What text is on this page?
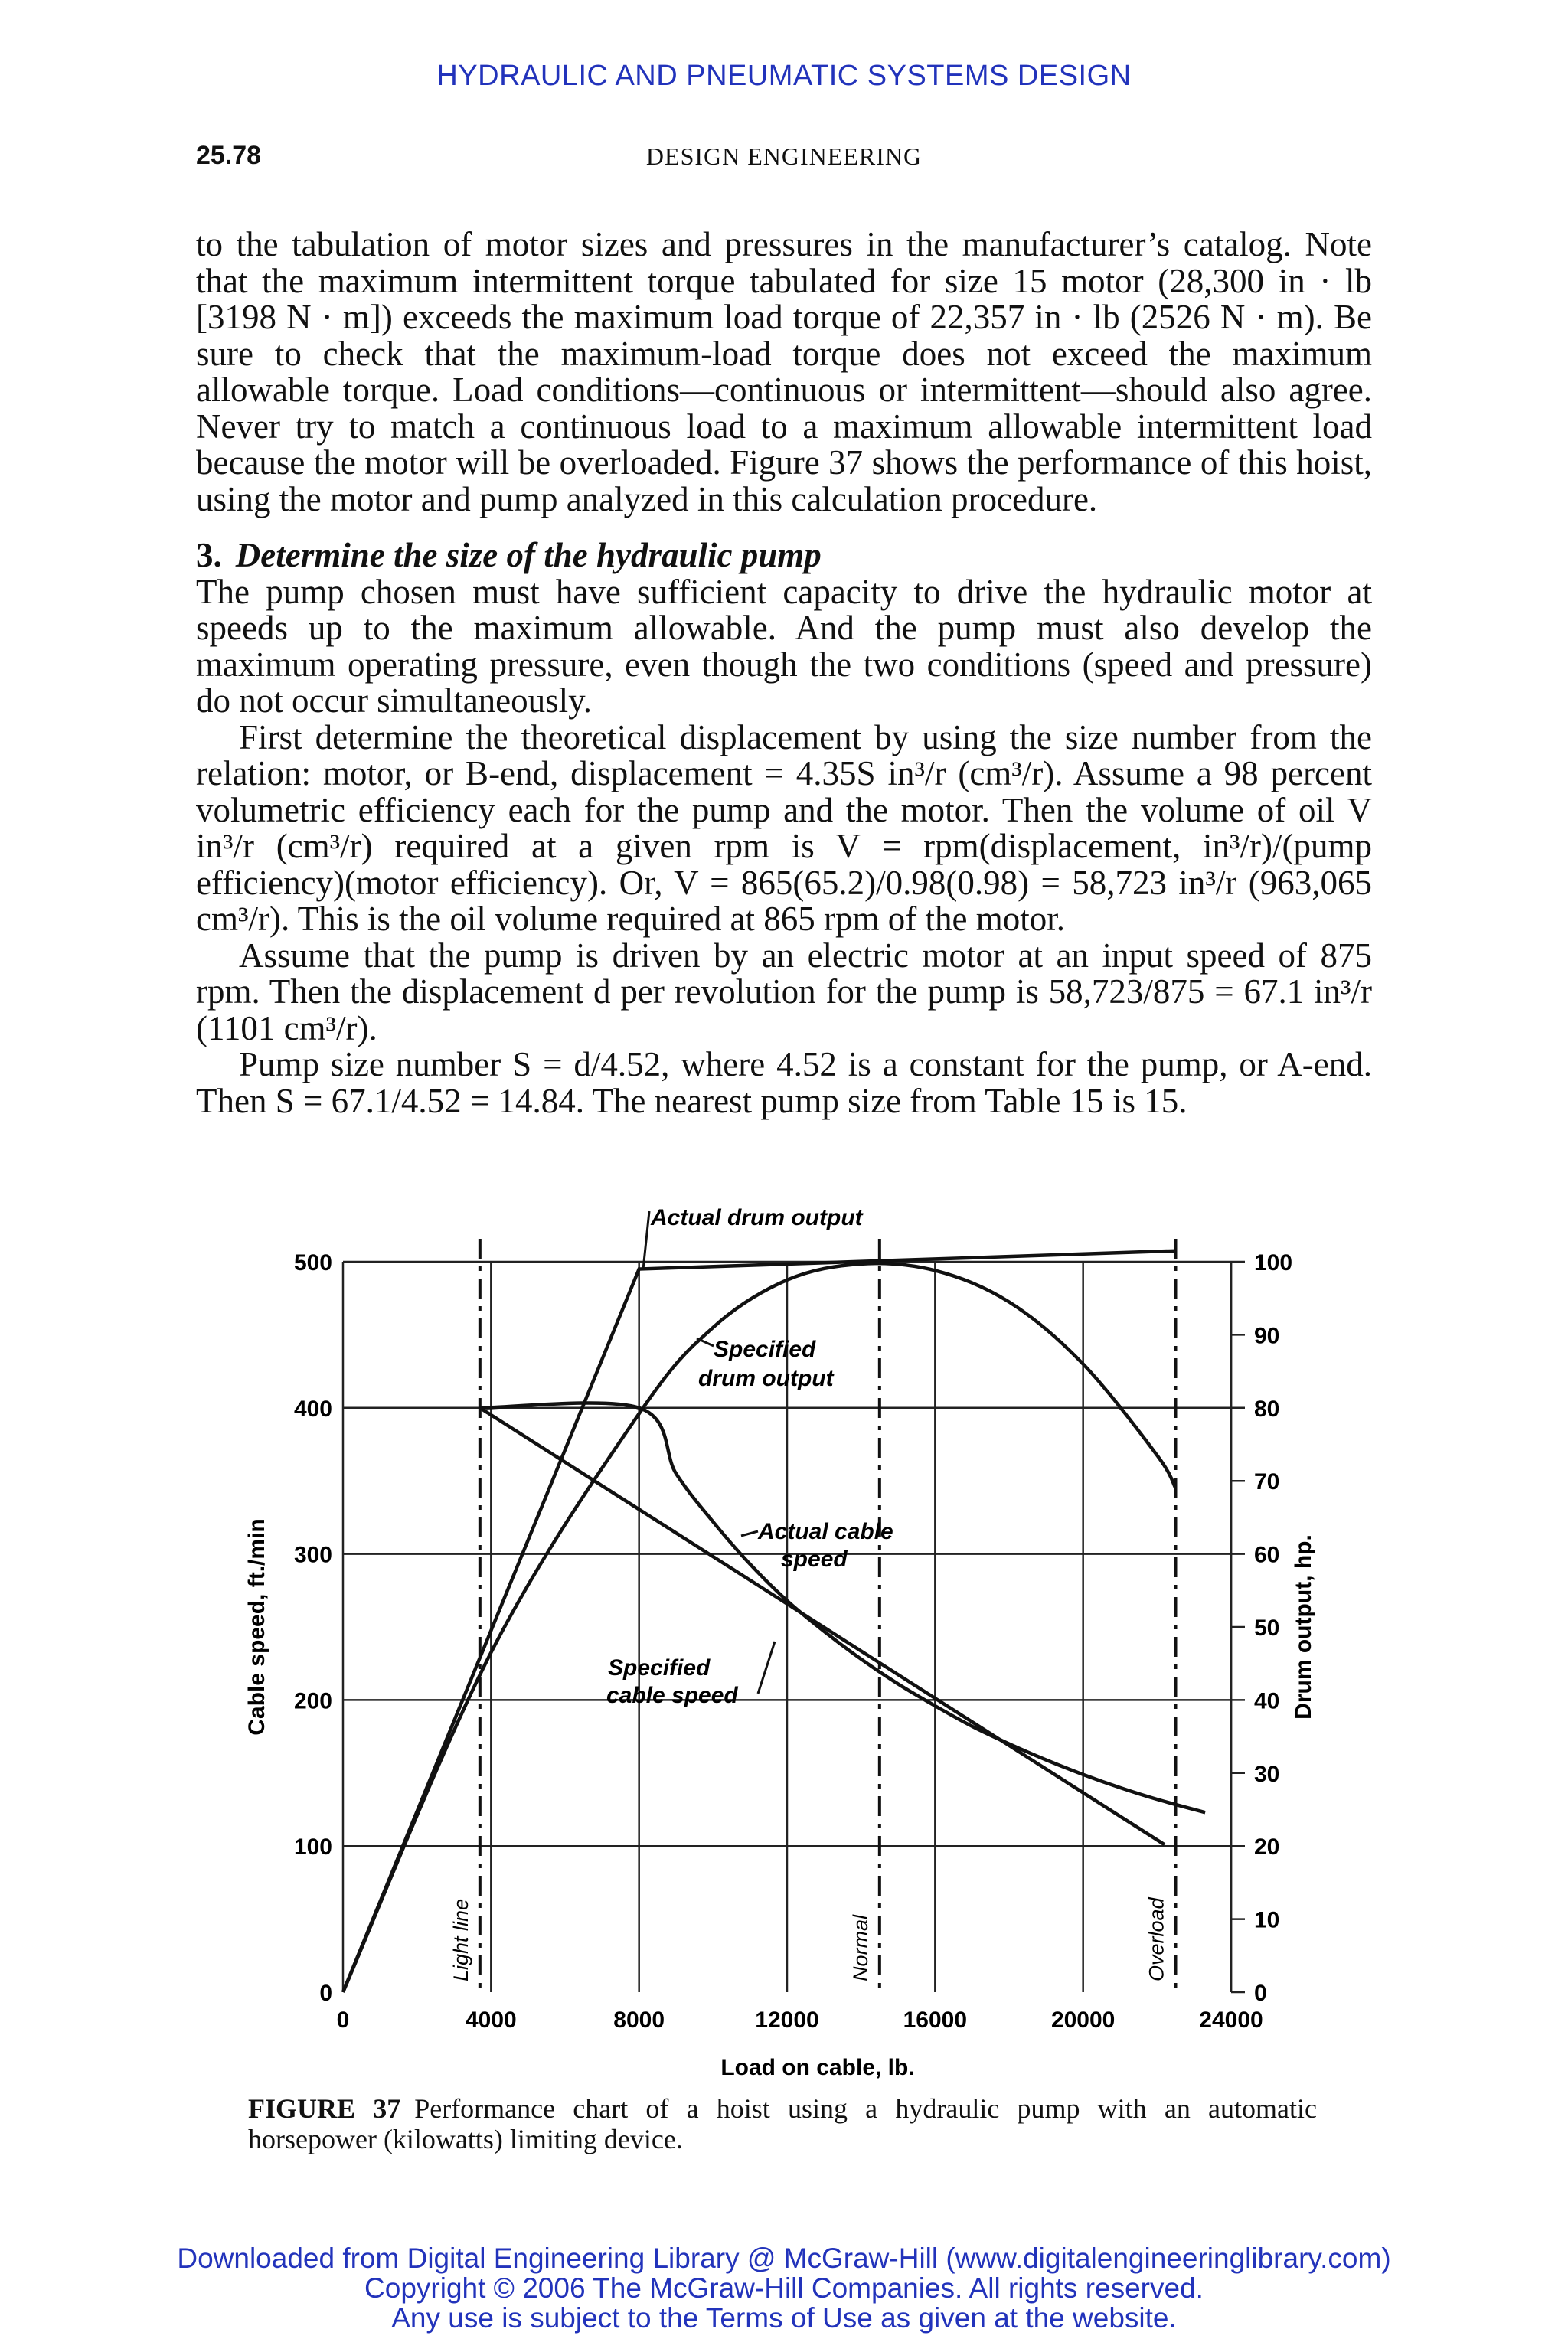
HYDRAULIC AND PNEUMATIC SYSTEMS DESIGN
25.78	DESIGN ENGINEERING

to the tabulation of motor sizes and pressures in the manufacturer’s catalog. Note that the maximum intermittent torque tabulated for size 15 motor (28,300 in · lb [3198 N · m]) exceeds the maximum load torque of 22,357 in · lb (2526 N · m). Be sure to check that the maximum-load torque does not exceed the maximum allowable torque. Load conditions—continuous or intermittent—should also agree. Never try to match a continuous load to a maximum allowable intermittent load because the motor will be overloaded. Figure 37 shows the performance of this hoist, using the motor and pump analyzed in this calculation procedure.

3. Determine the size of the hydraulic pump

The pump chosen must have sufficient capacity to drive the hydraulic motor at speeds up to the maximum allowable. And the pump must also develop the maximum operating pressure, even though the two conditions (speed and pressure) do not occur simultaneously.

First determine the theoretical displacement by using the size number from the relation: motor, or B-end, displacement = 4.35S in³/r (cm³/r). Assume a 98 percent volumetric efficiency each for the pump and the motor. Then the volume of oil V in³/r (cm³/r) required at a given rpm is V = rpm(displacement, in³/r)/(pump efficiency)(motor efficiency). Or, V = 865(65.2)/0.98(0.98) = 58,723 in³/r (963,065 cm³/r). This is the oil volume required at 865 rpm of the motor.

Assume that the pump is driven by an electric motor at an input speed of 875 rpm. Then the displacement d per revolution for the pump is 58,723/875 = 67.1 in³/r (1101 cm³/r).

Pump size number S = d/4.52, where 4.52 is a constant for the pump, or A-end. Then S = 67.1/4.52 = 14.84. The nearest pump size from Table 15 is 15.

Light line	Normal	Overload
0	4000	8000	12000	16000	20000	24000
0
100
200
300
400
500
0
10
20
30
40
50
60
70
80
90
100
Load on cable, lb.
Cable speed, ft./min	Drum output, hp.
Actual drum output
Specified
drum output
Actual cable
speed
Specified
cable speed
FIGURE 37 Performance chart of a hoist using a hydraulic pump with an automatic horsepower (kilowatts) limiting device.
Downloaded from Digital Engineering Library @ McGraw-Hill (www.digitalengineeringlibrary.com)
Copyright © 2006 The McGraw-Hill Companies. All rights reserved.
Any use is subject to the Terms of Use as given at the website.
